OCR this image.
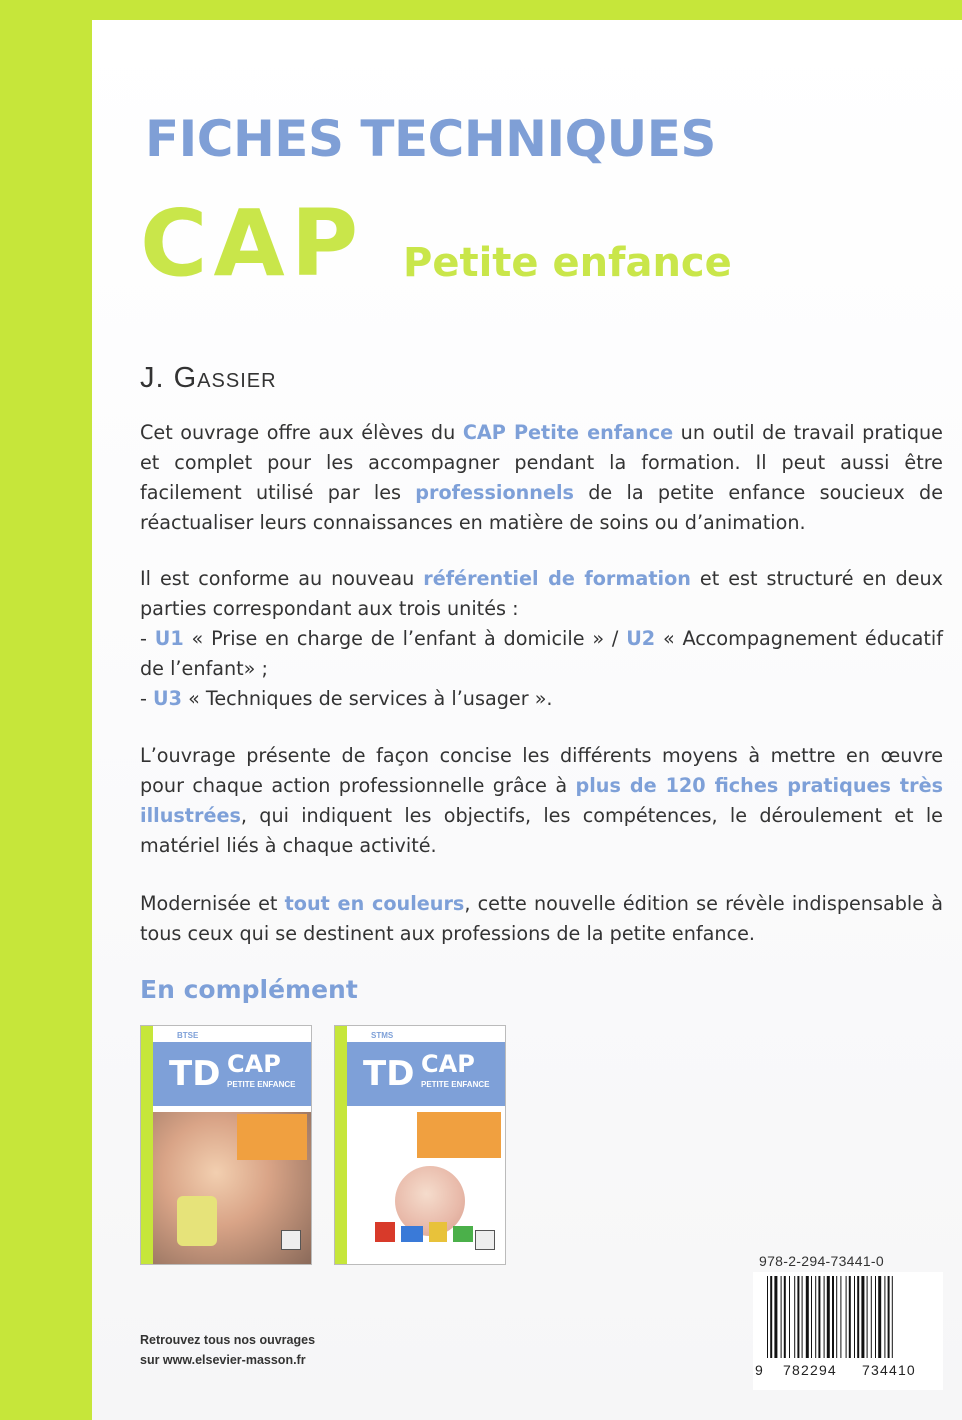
FICHES TECHNIQUES
CAP Petite enfance
J. Gassier

Cet ouvrage offre aux élèves du CAP Petite enfance un outil de travail pratique et complet pour les accompagner pendant la formation. Il peut aussi être facilement utilisé par les professionnels de la petite enfance soucieux de réactualiser leurs connaissances en matière de soins ou d’animation.

Il est conforme au nouveau référentiel de formation et est structuré en deux parties correspondant aux trois unités :
- U1 « Prise en charge de l’enfant à domicile » / U2 « Accompagnement éducatif de l’enfant» ;
- U3 « Techniques de services à l’usager ».

L’ouvrage présente de façon concise les différents moyens à mettre en œuvre pour chaque action professionnelle grâce à plus de 120 fiches pratiques très illustrées, qui indiquent les objectifs, les compétences, le déroulement et le matériel liés à chaque activité.

Modernisée et tout en couleurs, cette nouvelle édition se révèle indispensable à tous ceux qui se destinent aux professions de la petite enfance.

En complément
BTSE
TD CAP
PETITE ENFANCE
STMS
TD CAP
PETITE ENFANCE
978-2-294-73441-0
9 782294 734410
Retrouvez tous nos ouvrages
sur www.elsevier-masson.fr
